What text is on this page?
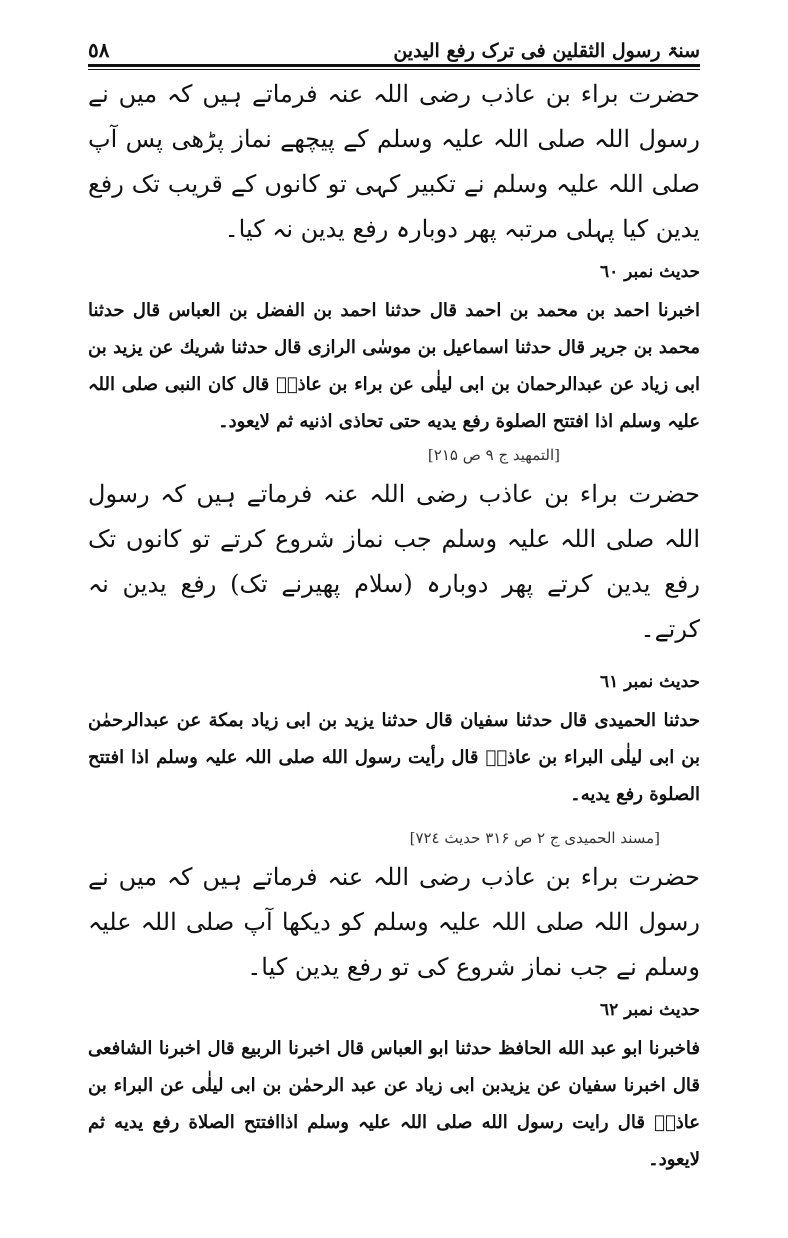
٥٨	سنۃ رسول الثقلین فی ترک رفع الیدین

حضرت براء بن عاذب رضی اللہ عنہ فرماتے ہیں کہ میں نے رسول اللہ صلی اللہ علیہ وسلم کے پیچھے نماز پڑھی پس آپ صلی اللہ علیہ وسلم نے تکبیر کہی تو کانوں کے قریب تک رفع یدین کیا پہلی مرتبہ پھر دوبارہ رفع یدین نہ کیا۔

حدیث نمبر ٦٠

اخبرنا احمد بن محمد بن احمد قال حدثنا احمد بن الفضل بن العباس قال حدثنا محمد بن جریر قال حدثنا اسماعیل بن موسٰی الرازی قال حدثنا شریك عن یزید بن ابی زیاد عن عبدالرحمان بن ابی لیلٰی عن براء بن عاذبؓ قال کان النبی صلی اللہ علیہ وسلم اذا افتتح الصلوة رفع یدیه حتی تحاذی اذنیه ثم لایعود۔

[التمهید ج ۹ ص ۲۱۵]

حضرت براء بن عاذب رضی اللہ عنہ فرماتے ہیں کہ رسول اللہ صلی اللہ علیہ وسلم جب نماز شروع کرتے تو کانوں تک رفع یدین کرتے پھر دوبارہ (سلام پھیرنے تک) رفع یدین نہ کرتے۔

حدیث نمبر ٦١

حدثنا الحمیدی قال حدثنا سفیان قال حدثنا یزید بن ابی زیاد بمکة عن عبدالرحمٰن بن ابی لیلٰی البراء بن عاذبؓ قال رأیت رسول الله صلی اللہ علیہ وسلم اذا افتتح الصلوة رفع یدیه۔

[مسند الحمیدی ج ۲ ص ۳۱۶ حدیث ۷۲٤]

حضرت براء بن عاذب رضی اللہ عنہ فرماتے ہیں کہ میں نے رسول اللہ صلی اللہ علیہ وسلم کو دیکھا آپ صلی اللہ علیہ وسلم نے جب نماز شروع کی تو رفع یدین کیا۔

حدیث نمبر ٦٢

فاخبرنا ابو عبد الله الحافظ حدثنا ابو العباس قال اخبرنا الربیع قال اخبرنا الشافعی قال اخبرنا سفیان عن یزیدبن ابی زیاد عن عبد الرحمٰن بن ابی لیلٰی عن البراء بن عاذبؓ قال رایت رسول الله صلی اللہ علیہ وسلم اذاافتتح الصلاة رفع یدیه ثم لایعود۔
